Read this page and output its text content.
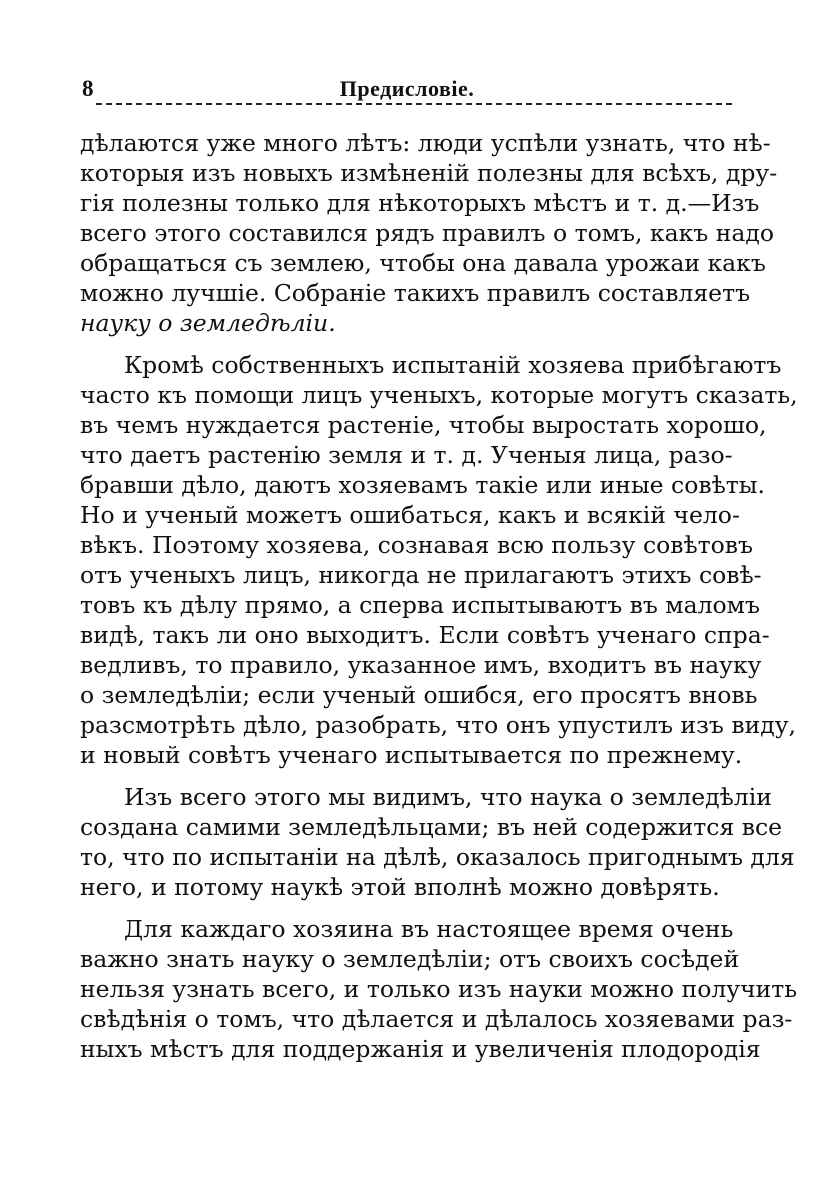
8	Предисловіе.
дѣлаются уже много лѣтъ: люди успѣли узнать, что нѣ-
которыя изъ новыхъ измѣненій полезны для всѣхъ, дру-
гія полезны только для нѣкоторыхъ мѣстъ и т. д.—Изъ
всего этого составился рядъ правилъ о томъ, какъ надо
обращаться съ землею, чтобы она давала урожаи какъ
можно лучшіе. Собраніе такихъ правилъ составляетъ
науку о земледѣліи.
Кромѣ собственныхъ испытаній хозяева прибѣгаютъ
часто къ помощи лицъ ученыхъ, которые могутъ сказать,
въ чемъ нуждается растеніе, чтобы выростать хорошо,
что даетъ растенію земля и т. д. Ученыя лица, разо-
бравши дѣло, даютъ хозяевамъ такіе или иные совѣты.
Но и ученый можетъ ошибаться, какъ и всякій чело-
вѣкъ. Поэтому хозяева, сознавая всю пользу совѣтовъ
отъ ученыхъ лицъ, никогда не прилагаютъ этихъ совѣ-
товъ къ дѣлу прямо, а сперва испытываютъ въ маломъ
видѣ, такъ ли оно выходитъ. Если совѣтъ ученаго спра-
ведливъ, то правило, указанное имъ, входитъ въ науку
о земледѣліи; если ученый ошибся, его просятъ вновь
разсмотрѣть дѣло, разобрать, что онъ упустилъ изъ виду,
и новый совѣтъ ученаго испытывается по прежнему.
Изъ всего этого мы видимъ, что наука о земледѣліи
создана самими земледѣльцами; въ ней содержится все
то, что по испытаніи на дѣлѣ, оказалось пригоднымъ для
него, и потому наукѣ этой вполнѣ можно довѣрять.
Для каждаго хозяина въ настоящее время очень
важно знать науку о земледѣліи; отъ своихъ сосѣдей
нельзя узнать всего, и только изъ науки можно получить
свѣдѣнія о томъ, что дѣлается и дѣлалось хозяевами раз-
ныхъ мѣстъ для поддержанія и увеличенія плодородія
